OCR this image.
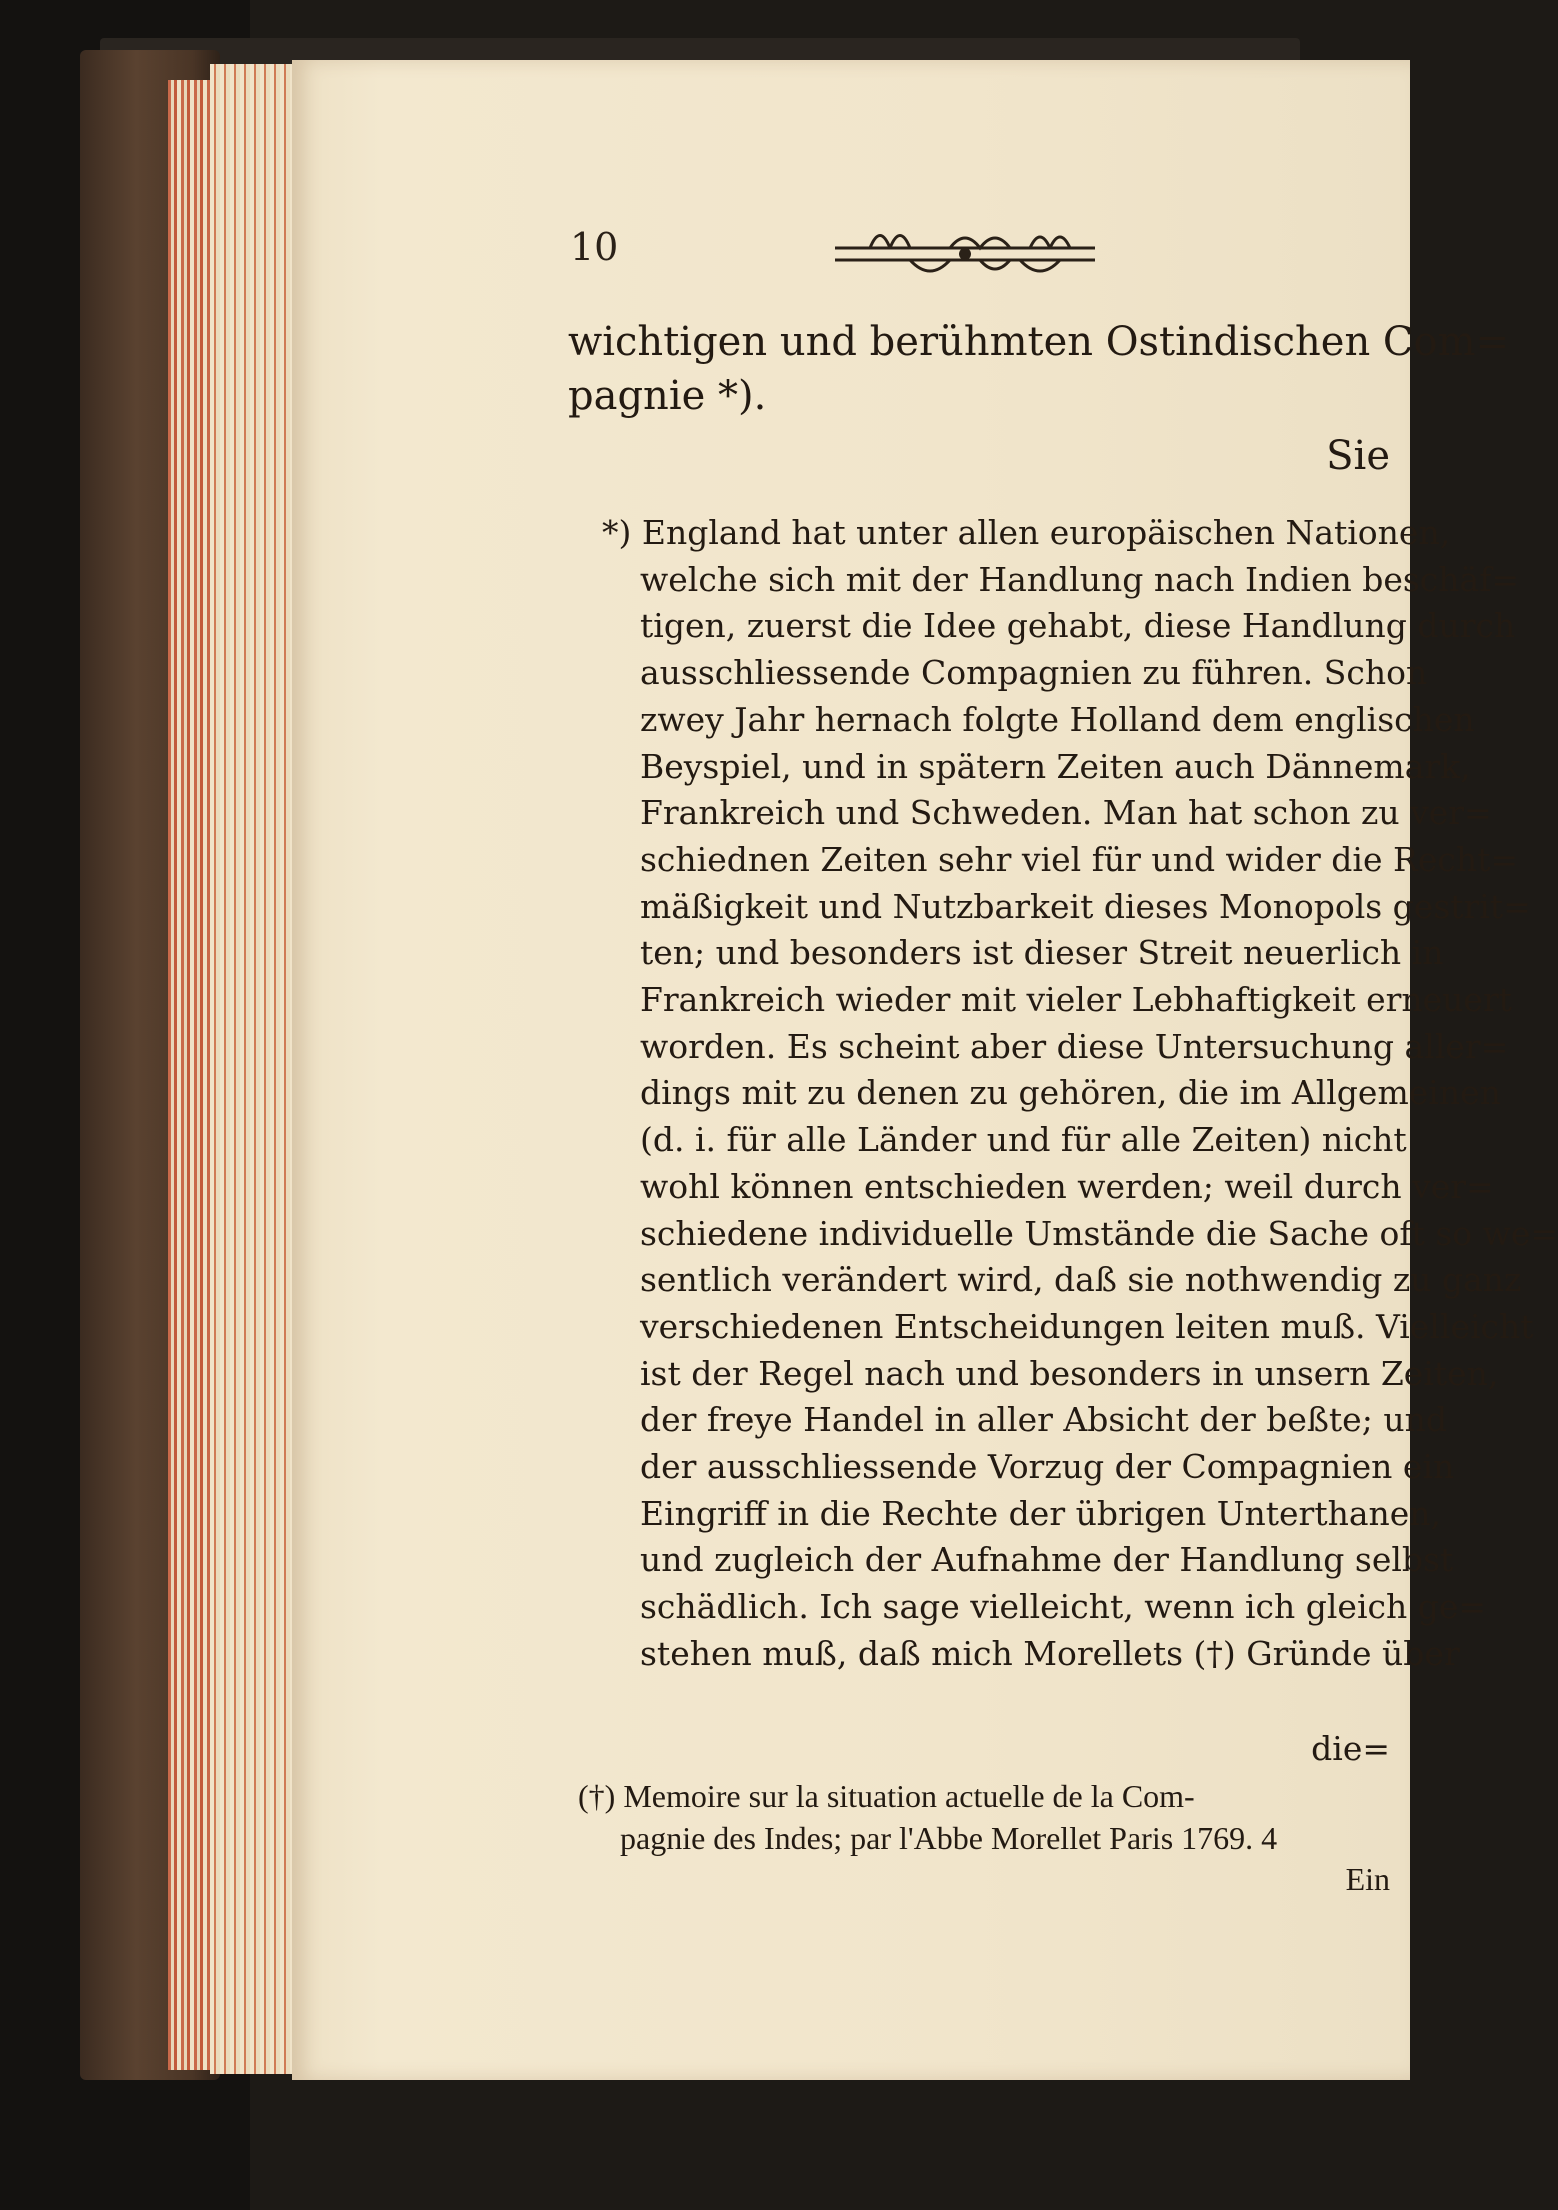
10
wichtigen und berühmten Ostindischen Com=
pagnie *).
Sie
*) England hat unter allen europäischen Nationen,
welche sich mit der Handlung nach Indien beschäf=
tigen, zuerst die Idee gehabt, diese Handlung durch
ausschliessende Compagnien zu führen. Schon
zwey Jahr hernach folgte Holland dem englischen
Beyspiel, und in spätern Zeiten auch Dännemark,
Frankreich und Schweden. Man hat schon zu ver=
schiednen Zeiten sehr viel für und wider die Recht=
mäßigkeit und Nutzbarkeit dieses Monopols gestrit=
ten; und besonders ist dieser Streit neuerlich in
Frankreich wieder mit vieler Lebhaftigkeit erneuert
worden. Es scheint aber diese Untersuchung aller=
dings mit zu denen zu gehören, die im Allgemeinen
(d. i. für alle Länder und für alle Zeiten) nicht
wohl können entschieden werden; weil durch ver=
schiedene individuelle Umstände die Sache oft so we=
sentlich verändert wird, daß sie nothwendig zu ganz
verschiedenen Entscheidungen leiten muß. Vielleicht
ist der Regel nach und besonders in unsern Zeiten,
der freye Handel in aller Absicht der beßte; und
der ausschliessende Vorzug der Compagnien ein
Eingriff in die Rechte der übrigen Unterthanen,
und zugleich der Aufnahme der Handlung selbst
schädlich. Ich sage vielleicht, wenn ich gleich ge=
stehen muß, daß mich Morellets (†) Gründe über
die=
(†) Memoire sur la situation actuelle de la Com-
pagnie des Indes; par l'Abbe Morellet Paris 1769. 4
Ein
